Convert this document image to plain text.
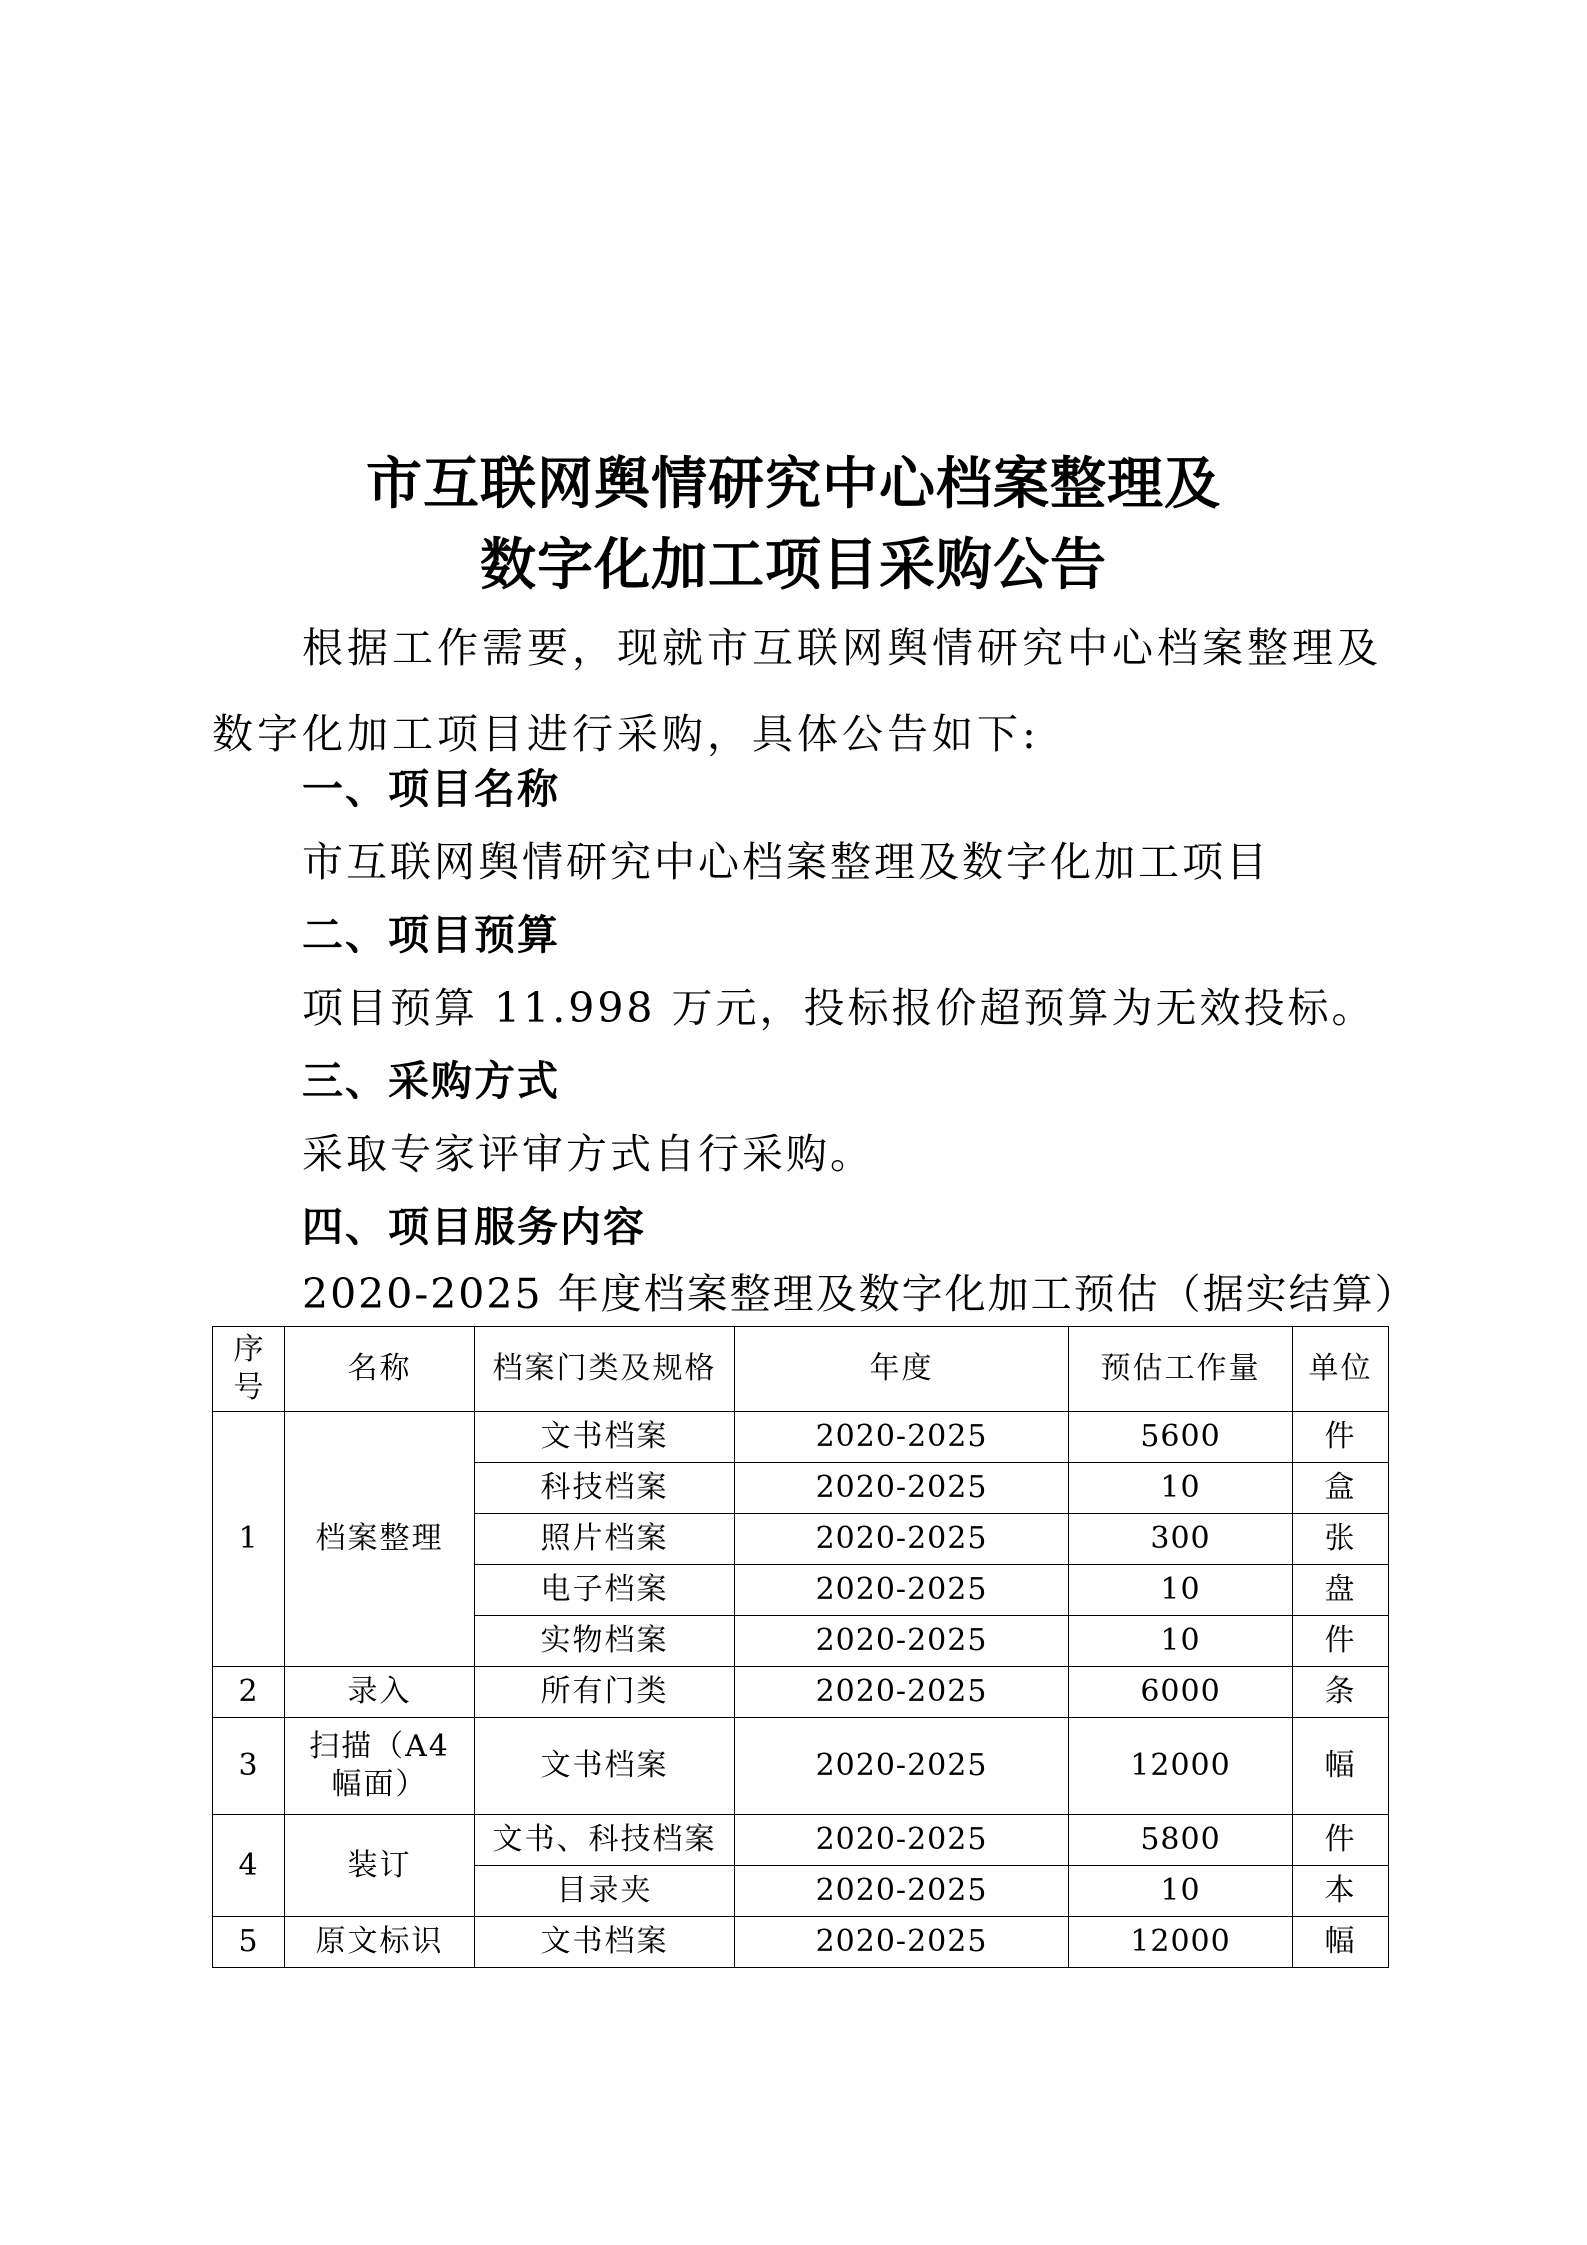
市互联网舆情研究中心档案整理及
数字化加工项目采购公告

根据工作需要，现就市互联网舆情研究中心档案整理及数字化加工项目进行采购，具体公告如下:

一、项目名称
市互联网舆情研究中心档案整理及数字化加工项目
二、项目预算
项目预算 11.998 万元，投标报价超预算为无效投标。
三、采购方式
采取专家评审方式自行采购。
四、项目服务内容
2020-2025 年度档案整理及数字化加工预估（据实结算）
序号	名称	档案门类及规格	年度	预估工作量	单位
1	档案整理	文书档案	2020-2025	5600	件
		科技档案	2020-2025	10	盒
		照片档案	2020-2025	300	张
		电子档案	2020-2025	10	盘
		实物档案	2020-2025	10	件
2	录入	所有门类	2020-2025	6000	条
3	扫描（A4 幅面）	文书档案	2020-2025	12000	幅
4	装订	文书、科技档案	2020-2025	5800	件
		目录夹	2020-2025	10	本
5	原文标识	文书档案	2020-2025	12000	幅
